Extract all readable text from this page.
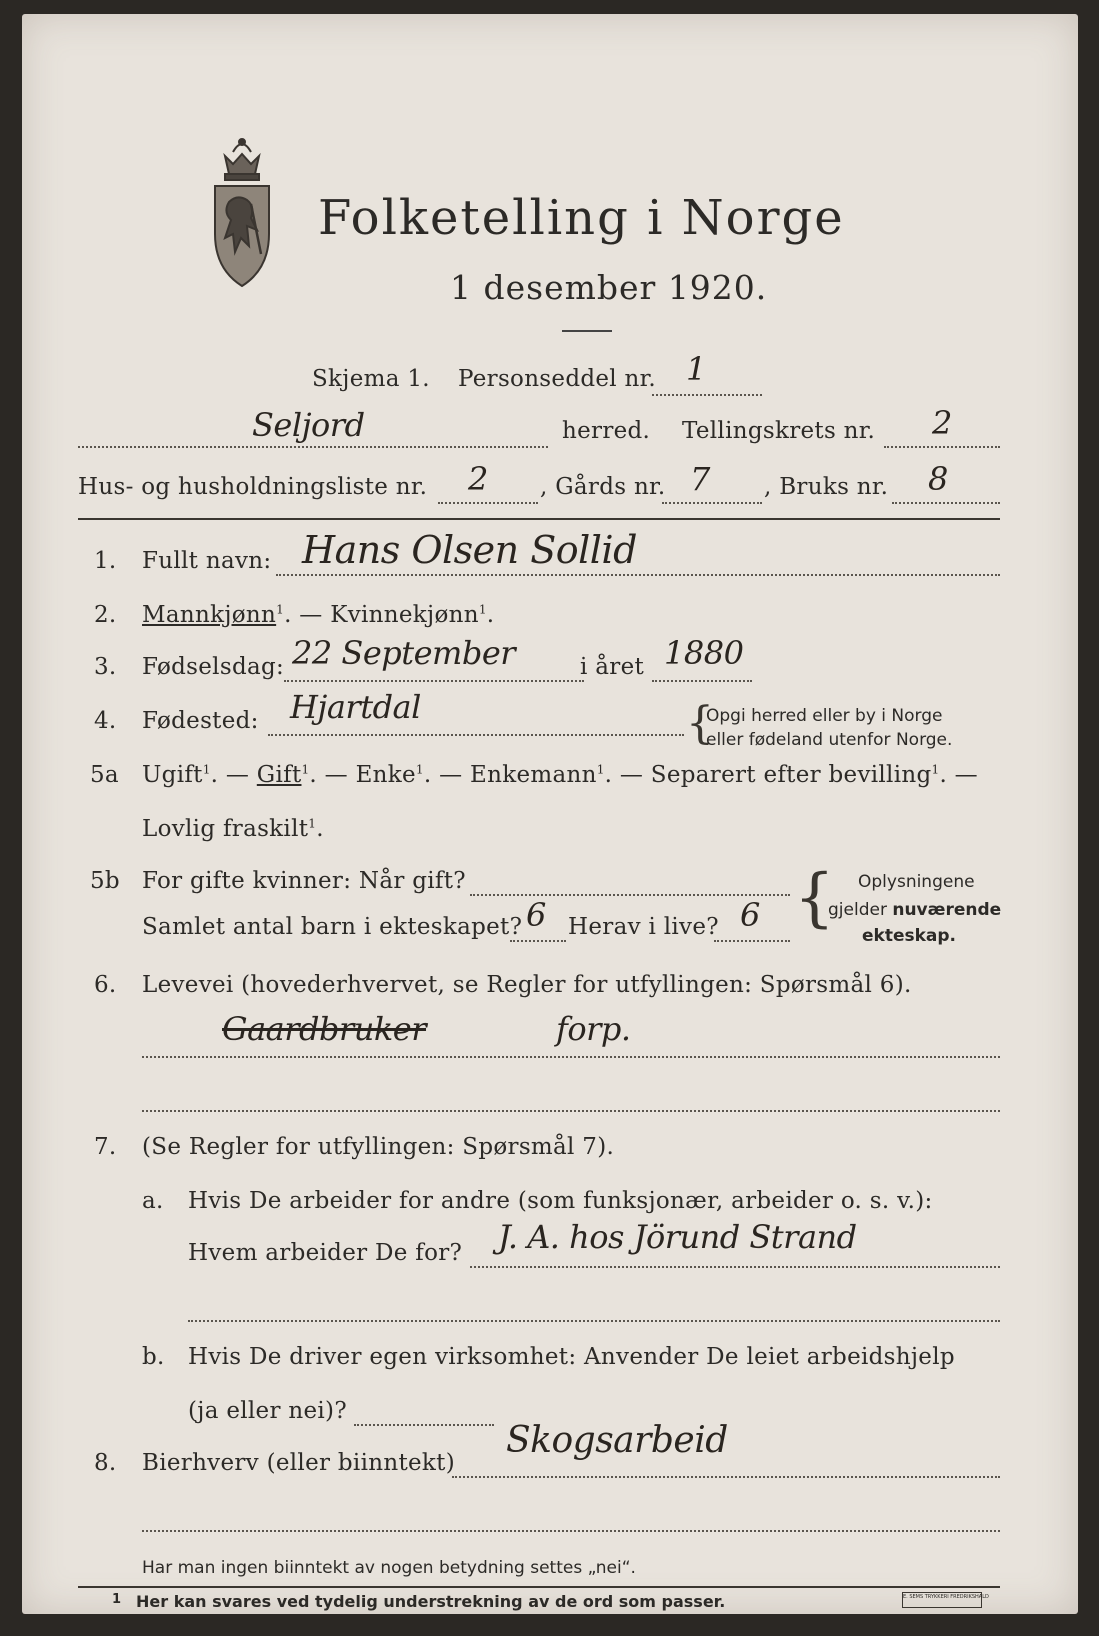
Folketelling i Norge
1 desember 1920.
Skjema 1. Personseddel nr. 1
Seljord	herred. Tellingskrets nr. 2
Hus- og husholdningsliste nr. 2 , Gårds nr. 7 , Bruks nr. 8
1. Fullt navn: Hans Olsen Sollid
2. Mannkjønn$^1$. — Kvinnekjønn$^1$.
3. Fødselsdag: 22 September	i året 1880
4. Fødested: Hjartdal	{
Opgi herred eller by i Norge
eller fødeland utenfor Norge.
5a Ugift$^1$. — Gift$^1$. — Enke$^1$. — Enkemann$^1$. — Separert efter bevilling$^1$. —
Lovlig fraskilt$^1$.
5b For gifte kvinner: Når gift?
Samlet antal barn i ekteskapet? 6 Herav i live? 6 { Oplysningene
gjelder nuværende
ekteskap.
6. Levevei (hovederhvervet, se Regler for utfyllingen: Spørsmål 6).
Gaardbruker	forp.
7. (Se Regler for utfyllingen: Spørsmål 7).
a. Hvis De arbeider for andre (som funksjonær, arbeider o. s. v.):
Hvem arbeider De for? J. A. hos Jörund Strand
b. Hvis De driver egen virksomhet: Anvender De leiet arbeidshjelp
(ja eller nei)?
8. Bierhverv (eller biinntekt)
Skogsarbeid
Har man ingen biinntekt av nogen betydning settes „nei“.
1 Her kan svares ved tydelig understrekning av de ord som passer.	E. SEMS TRYKKERI FREDRIKSHALD
